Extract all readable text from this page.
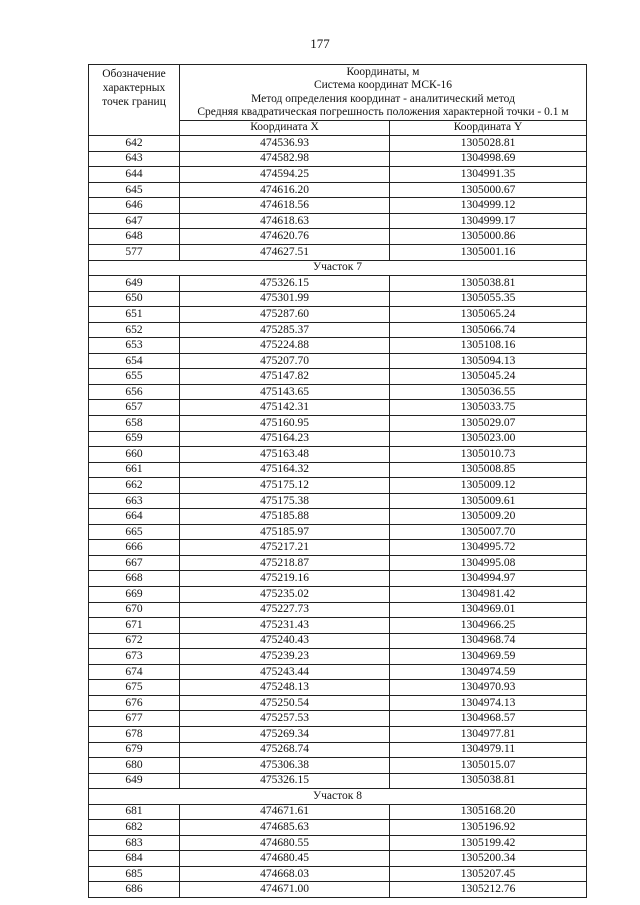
177
Обозначение
характерных
точек границ	Координаты, м
Система координат МСК-16
Метод определения координат - аналитический метод
Средняя квадратическая погрешность положения характерной точки - 0.1 м	

	Координата X	Координата Y
642	474536.93	1305028.81
643	474582.98	1304998.69
644	474594.25	1304991.35
645	474616.20	1305000.67
646	474618.56	1304999.12
647	474618.63	1304999.17
648	474620.76	1305000.86
577	474627.51	1305001.16
Участок 7		
649	475326.15	1305038.81
650	475301.99	1305055.35
651	475287.60	1305065.24
652	475285.37	1305066.74
653	475224.88	1305108.16
654	475207.70	1305094.13
655	475147.82	1305045.24
656	475143.65	1305036.55
657	475142.31	1305033.75
658	475160.95	1305029.07
659	475164.23	1305023.00
660	475163.48	1305010.73
661	475164.32	1305008.85
662	475175.12	1305009.12
663	475175.38	1305009.61
664	475185.88	1305009.20
665	475185.97	1305007.70
666	475217.21	1304995.72
667	475218.87	1304995.08
668	475219.16	1304994.97
669	475235.02	1304981.42
670	475227.73	1304969.01
671	475231.43	1304966.25
672	475240.43	1304968.74
673	475239.23	1304969.59
674	475243.44	1304974.59
675	475248.13	1304970.93
676	475250.54	1304974.13
677	475257.53	1304968.57
678	475269.34	1304977.81
679	475268.74	1304979.11
680	475306.38	1305015.07
649	475326.15	1305038.81
Участок 8		
681	474671.61	1305168.20
682	474685.63	1305196.92
683	474680.55	1305199.42
684	474680.45	1305200.34
685	474668.03	1305207.45
686	474671.00	1305212.76
